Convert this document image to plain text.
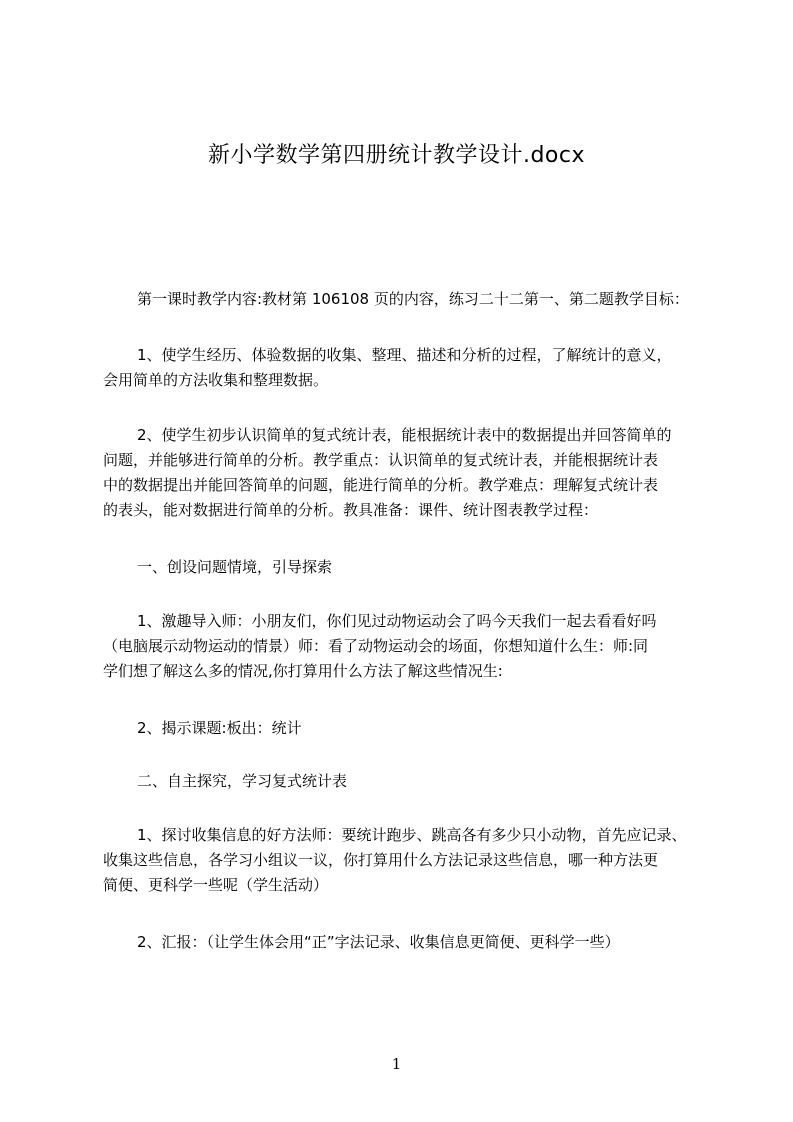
新小学数学第四册统计教学设计.docx
第一课时教学内容:教材第 106108 页的内容，练习二十二第一、第二题教学目标：
1、使学生经历、体验数据的收集、整理、描述和分析的过程，了解统计的意义，
会用简单的方法收集和整理数据。
2、使学生初步认识简单的复式统计表，能根据统计表中的数据提出并回答简单的
问题，并能够进行简单的分析。教学重点：认识简单的复式统计表，并能根据统计表
中的数据提出并能回答简单的问题，能进行简单的分析。教学难点：理解复式统计表
的表头，能对数据进行简单的分析。教具准备：课件、统计图表教学过程：
一、创设问题情境，引导探索
1、激趣导入师：小朋友们，你们见过动物运动会了吗今天我们一起去看看好吗
（电脑展示动物运动的情景）师：看了动物运动会的场面，你想知道什么生：师:同
学们想了解这么多的情况,你打算用什么方法了解这些情况生:
2、揭示课题:板出：统计
二、自主探究，学习复式统计表
1、探讨收集信息的好方法师：要统计跑步、跳高各有多少只小动物，首先应记录、
收集这些信息，各学习小组议一议，你打算用什么方法记录这些信息，哪一种方法更
简便、更科学一些呢（学生活动）
2、汇报：（让学生体会用“正”字法记录、收集信息更简便、更科学一些）
1
